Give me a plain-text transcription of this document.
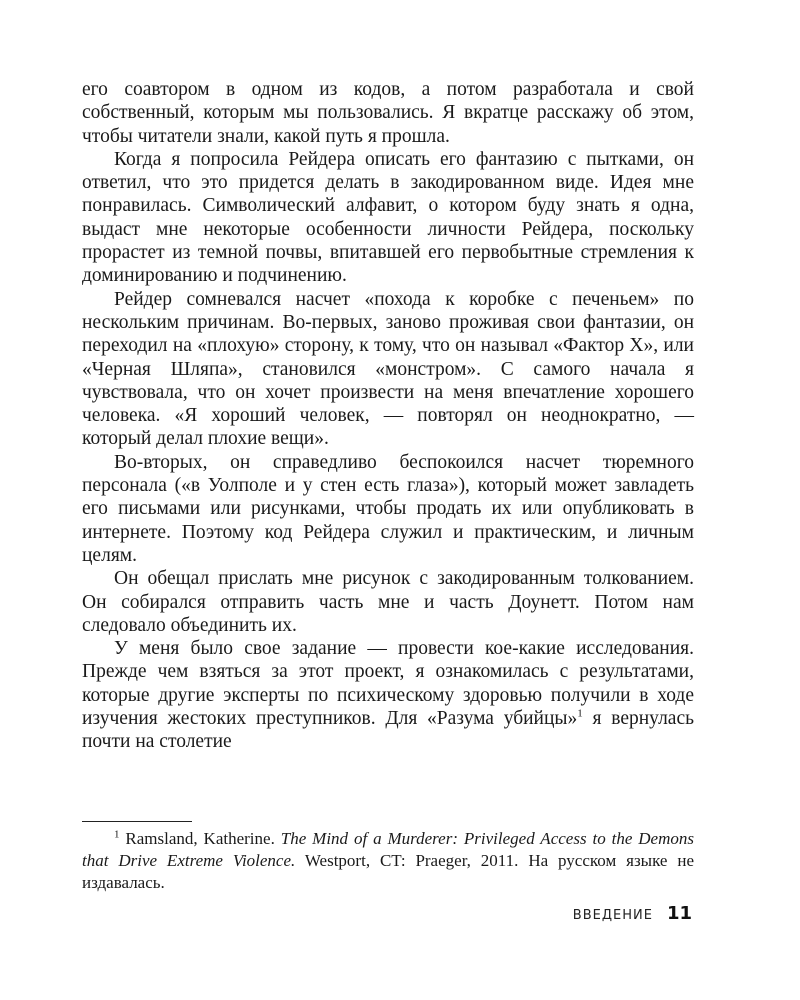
его соавтором в одном из кодов, а потом разработала и свой собственный, которым мы пользовались. Я вкратце расскажу об этом, чтобы читатели знали, какой путь я прошла.

Когда я попросила Рейдера описать его фантазию с пытками, он ответил, что это придется делать в закодированном виде. Идея мне понравилась. Символический алфавит, о котором буду знать я одна, выдаст мне некоторые особенности личности Рейдера, поскольку прорастет из темной почвы, впитавшей его первобытные стремления к доминированию и подчинению.

Рейдер сомневался насчет «похода к коробке с печеньем» по нескольким причинам. Во-первых, заново проживая свои фантазии, он переходил на «плохую» сторону, к тому, что он называл «Фактор Х», или «Черная Шляпа», становился «монстром». С самого начала я чувствовала, что он хочет произвести на меня впечатление хорошего человека. «Я хороший человек, — повторял он неоднократно, — который делал плохие вещи».

Во-вторых, он справедливо беспокоился насчет тюремного персонала («в Уолполе и у стен есть глаза»), который может завладеть его письмами или рисунками, чтобы продать их или опубликовать в интернете. Поэтому код Рейдера служил и практическим, и личным целям.

Он обещал прислать мне рисунок с закодированным толкованием. Он собирался отправить часть мне и часть Доунетт. Потом нам следовало объединить их.

У меня было свое задание — провести кое-какие исследования. Прежде чем взяться за этот проект, я ознакомилась с результатами, которые другие эксперты по психическому здоровью получили в ходе изучения жестоких преступников. Для «Разума убийцы»$^1$ я вернулась почти на столетие

$^1$ Ramsland, Katherine. The Mind of a Murderer: Privileged Access to the Demons that Drive Extreme Violence. Westport, CT: Praeger, 2011. На русском языке не издавалась.

ВВЕДЕНИЕ 11
